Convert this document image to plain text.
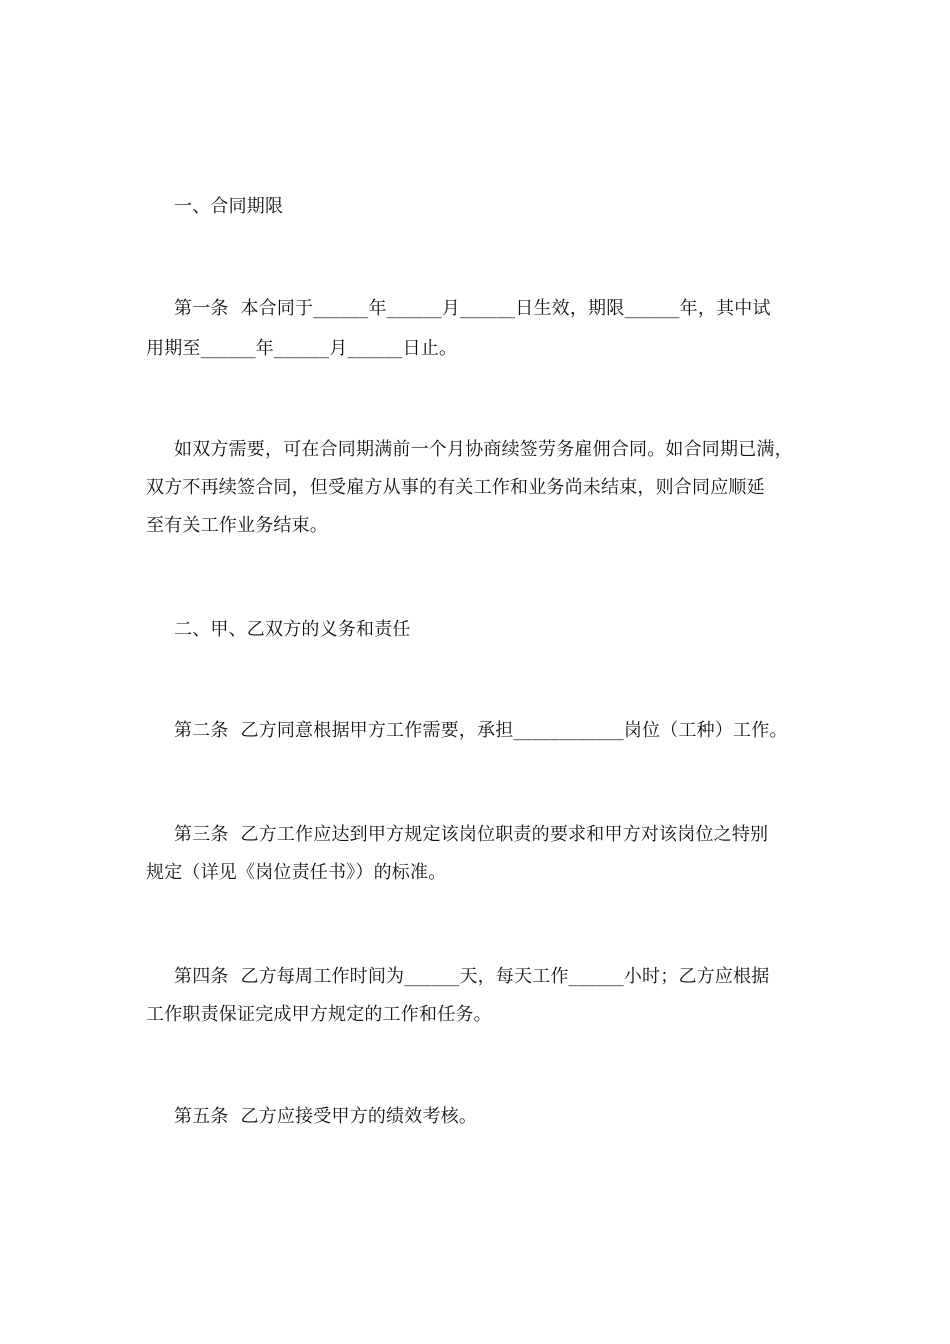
一、合同期限
第一条  本合同于______年______月______日生效，期限______年，其中试
用期至______年______月______日止。
如双方需要，可在合同期满前一个月协商续签劳务雇佣合同。如合同期已满，
双方不再续签合同，但受雇方从事的有关工作和业务尚未结束，则合同应顺延
至有关工作业务结束。
二、甲、乙双方的义务和责任
第二条  乙方同意根据甲方工作需要，承担____________岗位（工种）工作。
第三条  乙方工作应达到甲方规定该岗位职责的要求和甲方对该岗位之特别
规定（详见《岗位责任书》）的标准。
第四条  乙方每周工作时间为______天，每天工作______小时；乙方应根据
工作职责保证完成甲方规定的工作和任务。
第五条  乙方应接受甲方的绩效考核。
